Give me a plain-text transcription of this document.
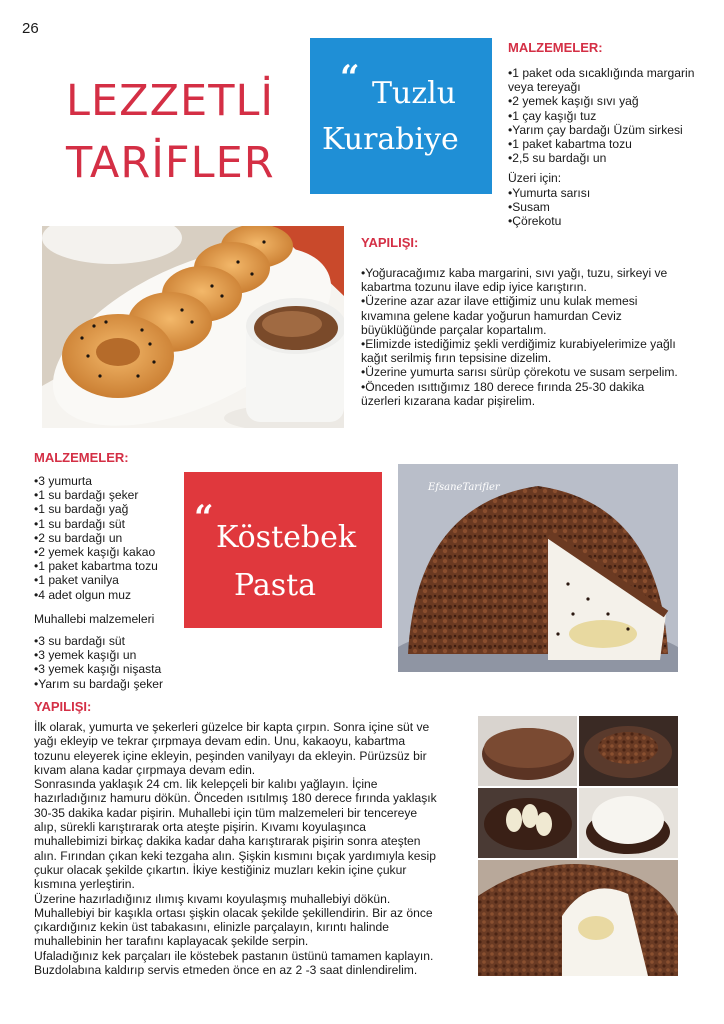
26
LEZZETLİ
TARİFLER
“ Tuzlu
Kurabiye
MALZEMELER:
• 1 paket oda sıcaklığında margarin veya tereyağı
• 2 yemek kaşığı sıvı yağ
• 1 çay kaşığı tuz
• Yarım çay bardağı Üzüm sirkesi
• 1 paket kabartma tozu
• 2,5 su bardağı un
Üzeri için:
• Yumurta sarısı
• Susam
• Çörekotu
YAPILIŞI:
• Yoğuracağımız kaba margarini, sıvı yağı, tuzu, sirkeyi ve kabartma tozunu ilave edip iyice karıştırın.
• Üzerine azar azar ilave ettiğimiz unu kulak memesi kıvamına gelene kadar yoğurun hamurdan Ceviz büyüklüğünde parçalar kopartalım.
• Elimizde istediğimiz şekli verdiğimiz kurabiyelerimize yağlı kağıt serilmiş fırın tepsisine dizelim.
• Üzerine yumurta sarısı sürüp çörekotu ve susam serpelim.
• Önceden ısıttığımız 180 derece fırında 25-30 dakika üzerleri kızarana kadar pişirelim.
MALZEMELER:
• 3 yumurta
• 1 su bardağı şeker
• 1 su bardağı yağ
• 1 su bardağı süt
• 2 su bardağı un
• 2 yemek kaşığı kakao
• 1 paket kabartma tozu
• 1 paket vanilya
• 4 adet olgun muz
Muhallebi malzemeleri
• 3 su bardağı süt
• 3 yemek kaşığı un
• 3 yemek kaşığı nişasta
• Yarım su bardağı şeker
“ Köstebek
Pasta
EfsaneTarifler
YAPILIŞI:
İlk olarak, yumurta ve şekerleri güzelce bir kapta çırpın. Sonra içine süt ve
yağı ekleyip ve tekrar çırpmaya devam edin. Unu, kakaoyu, kabartma
tozunu eleyerek içine ekleyin, peşinden vanilyayı da ekleyin. Pürüzsüz bir
kıvam alana kadar çırpmaya devam edin.
Sonrasında yaklaşık 24 cm. lik kelepçeli bir kalıbı yağlayın. İçine
hazırladığınız hamuru dökün. Önceden ısıtılmış 180 derece fırında yaklaşık
30-35 dakika kadar pişirin. Muhallebi için tüm malzemeleri bir tencereye
alıp, sürekli karıştırarak orta ateşte pişirin. Kıvamı koyulaşınca
muhallebimizi birkaç dakika kadar daha karıştırarak pişirin sonra ateşten
alın. Fırından çıkan keki tezgaha alın. Şişkin kısmını bıçak yardımıyla kesip
çukur olacak şekilde çıkartın. İkiye kestiğiniz muzları kekin içine çukur
kısmına yerleştirin.
Üzerine hazırladığınız ılımış kıvamı koyulaşmış muhallebiyi dökün.
Muhallebiyi bir kaşıkla ortası şişkin olacak şekilde şekillendirin. Bir az önce
çıkardığınız kekin üst tabakasını, elinizle parçalayın, kırıntı halinde
muhallebinin her tarafını kaplayacak şekilde serpin.
Ufaladığınız kek parçaları ile köstebek pastanın üstünü tamamen kaplayın.
Buzdolabına kaldırıp servis etmeden önce en az 2 -3 saat dinlendirelim.
